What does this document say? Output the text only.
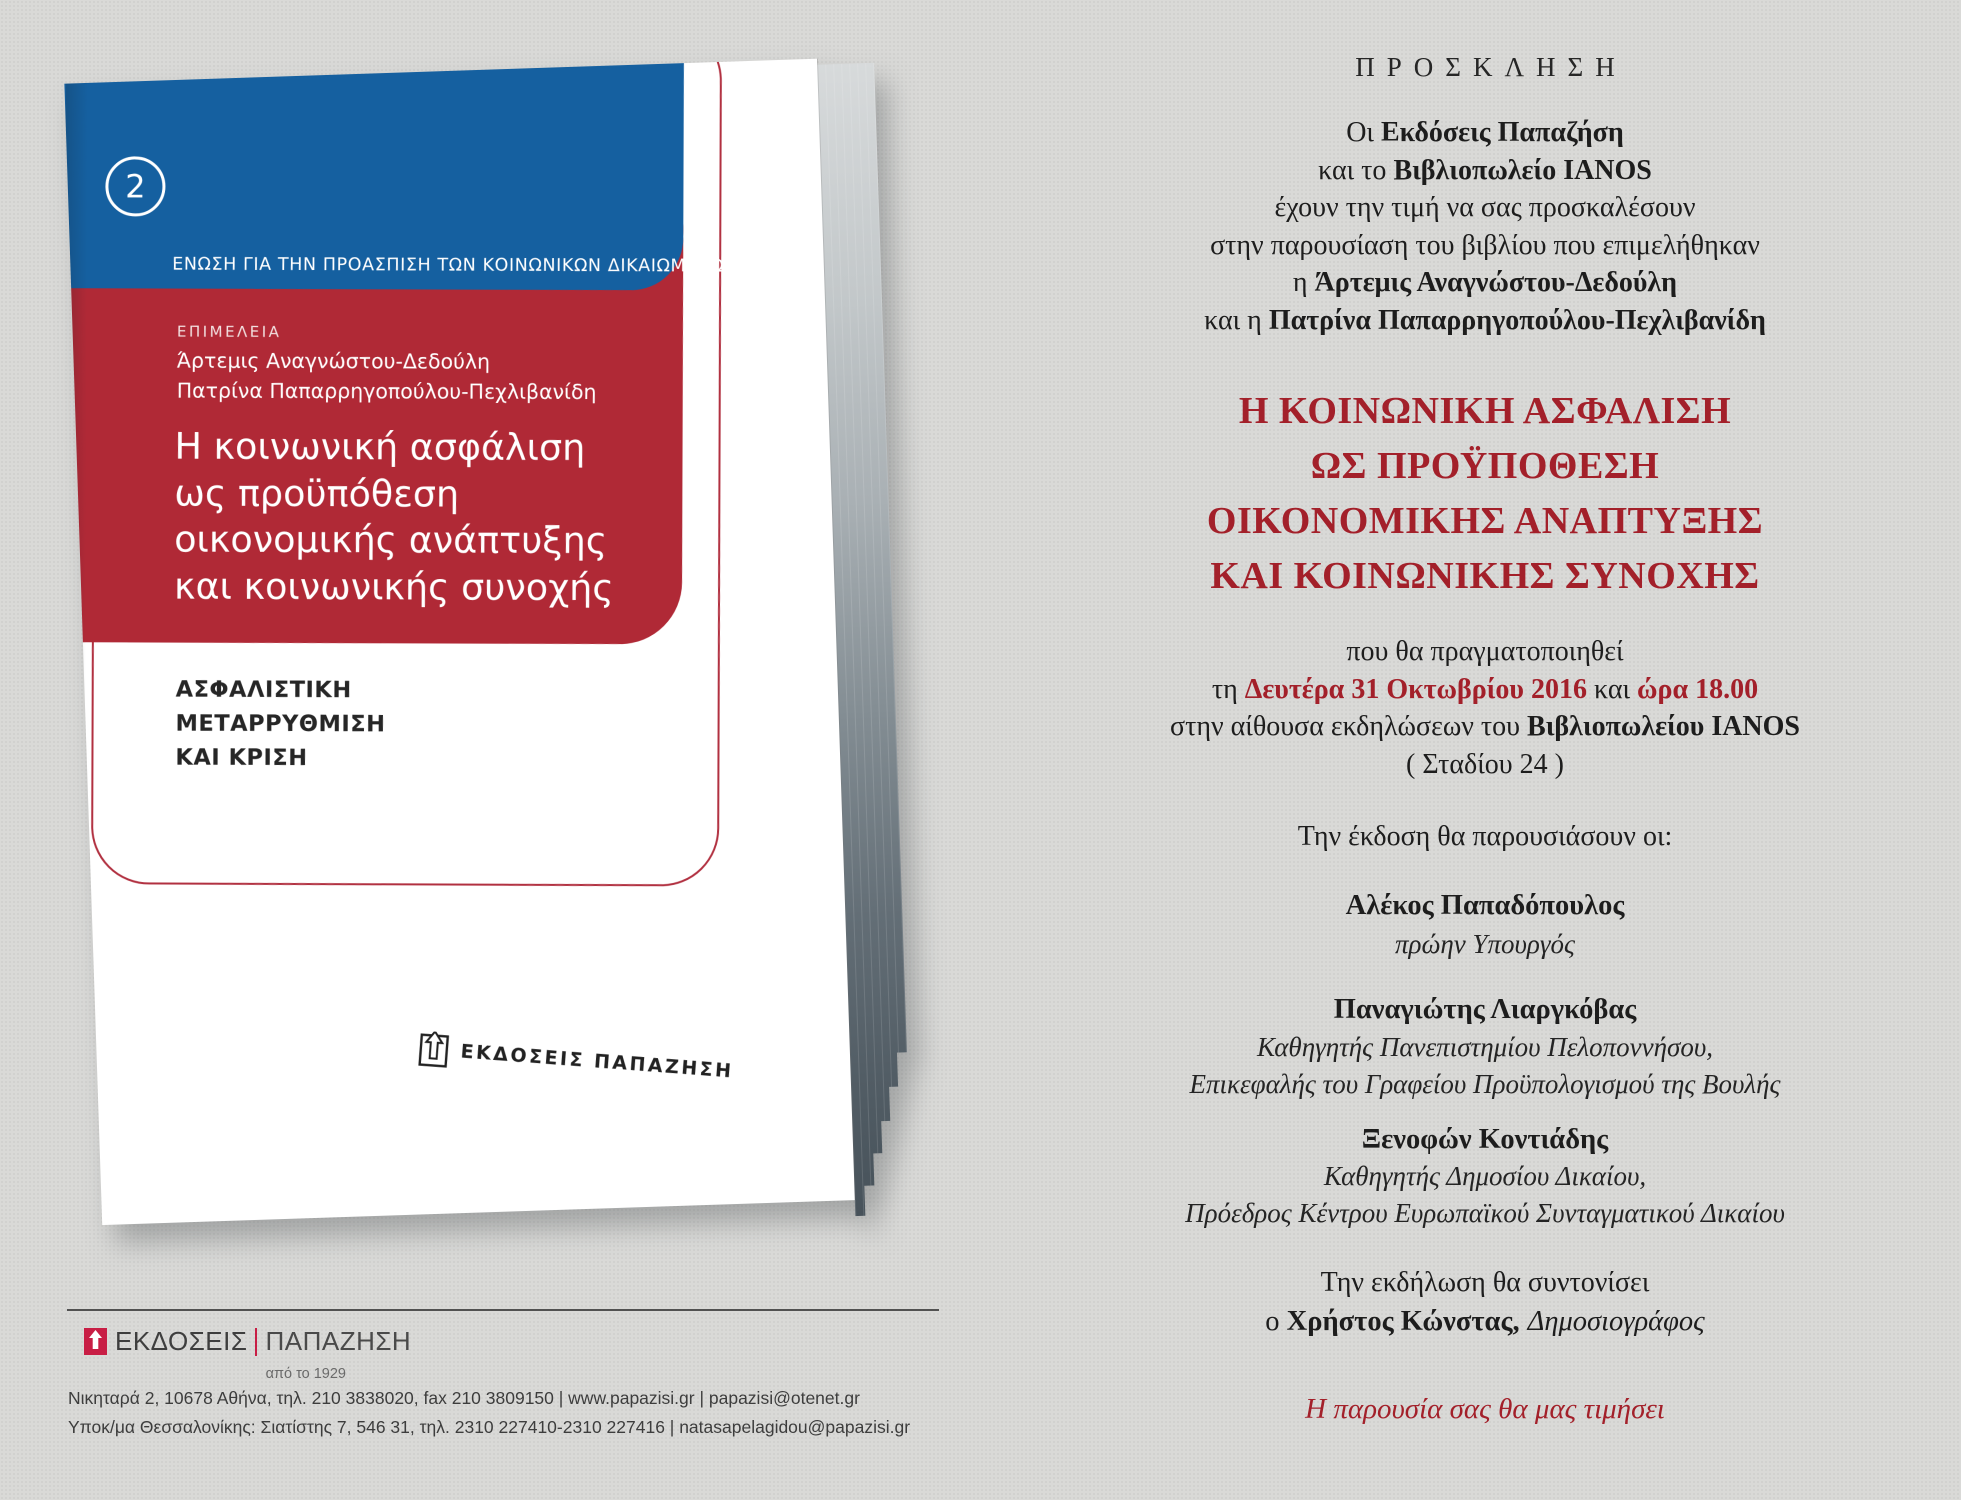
2
ΕΝΩΣΗ ΓΙΑ ΤΗΝ ΠΡΟΑΣΠΙΣΗ ΤΩΝ ΚΟΙΝΩΝΙΚΩΝ ΔΙΚΑΙΩΜΑΤΩΝ
ΕΠΙΜΕΛΕΙΑ
Άρτεμις Αναγνώστου-Δεδούλη
Πατρίνα Παπαρρηγοπούλου-Πεχλιβανίδη
Η κοινωνική ασφάλιση
ως προϋπόθεση
οικονομικής ανάπτυξης
και κοινωνικής συνοχής
ΑΣΦΑΛΙΣΤΙΚΗ
ΜΕΤΑΡΡΥΘΜΙΣΗ
ΚΑΙ ΚΡΙΣΗ
ΕΚΔΟΣΕΙΣ ΠΑΠΑΖΗΣΗ
ΠΡΟΣΚΛΗΣΗ
Οι Εκδόσεις Παπαζήση
και το Βιβλιοπωλείο IANOS
έχουν την τιμή να σας προσκαλέσουν
στην παρουσίαση του βιβλίου που επιμελήθηκαν
η Άρτεμις Αναγνώστου-Δεδούλη
και η Πατρίνα Παπαρρηγοπούλου-Πεχλιβανίδη
Η ΚΟΙΝΩΝΙΚΗ ΑΣΦΑΛΙΣΗ
ΩΣ ΠΡΟΫΠΟΘΕΣΗ
ΟΙΚΟΝΟΜΙΚΗΣ ΑΝΑΠΤΥΞΗΣ
ΚΑΙ ΚΟΙΝΩΝΙΚΗΣ ΣΥΝΟΧΗΣ
που θα πραγματοποιηθεί
τη Δευτέρα 31 Οκτωβρίου 2016 και ώρα 18.00
στην αίθουσα εκδηλώσεων του Βιβλιοπωλείου IANOS
( Σταδίου 24 )
Την έκδοση θα παρουσιάσουν οι:
Αλέκος Παπαδόπουλος
πρώην Υπουργός
Παναγιώτης Λιαργκόβας
Καθηγητής Πανεπιστημίου Πελοποννήσου,
Επικεφαλής του Γραφείου Προϋπολογισμού της Βουλής
Ξενοφών Κοντιάδης
Καθηγητής Δημοσίου Δικαίου,
Πρόεδρος Κέντρου Ευρωπαϊκού Συνταγματικού Δικαίου
Την εκδήλωση θα συντονίσει
ο Χρήστος Κώνστας, Δημοσιογράφος
Η παρουσία σας θα μας τιμήσει
ΕΚΔΟΣΕΙΣ ΠΑΠΑΖΗΣΗ
από το 1929
Νικηταρά 2, 10678 Αθήνα, τηλ. 210 3838020, fax 210 3809150 | www.papazisi.gr | papazisi@otenet.gr
Υποκ/μα Θεσσαλονίκης: Σιατίστης 7, 546 31, τηλ. 2310 227410-2310 227416 | natasapelagidou@papazisi.gr
